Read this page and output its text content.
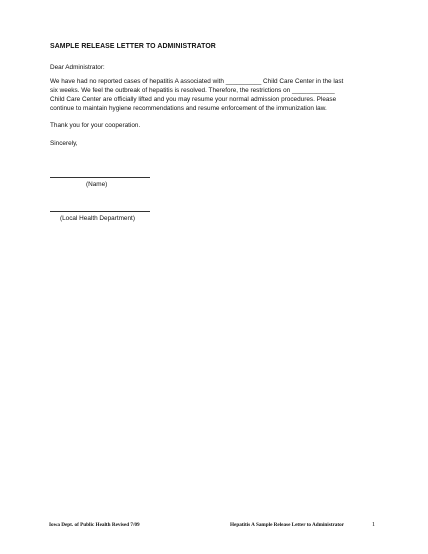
SAMPLE RELEASE LETTER TO ADMINISTRATOR
Dear Administrator:
We have had no reported cases of hepatitis A associated with __________ Child Care Center in the last
six weeks. We feel the outbreak of hepatitis is resolved. Therefore, the restrictions on ____________
Child Care Center are officially lifted and you may resume your normal admission procedures. Please
continue to maintain hygiene recommendations and resume enforcement of the immunization law.
Thank you for your cooperation.
Sincerely,
(Name)
(Local Health Department)
Iowa Dept. of Public Health Revised 7/09	Hepatitis A Sample Release Letter to Administrator	1
